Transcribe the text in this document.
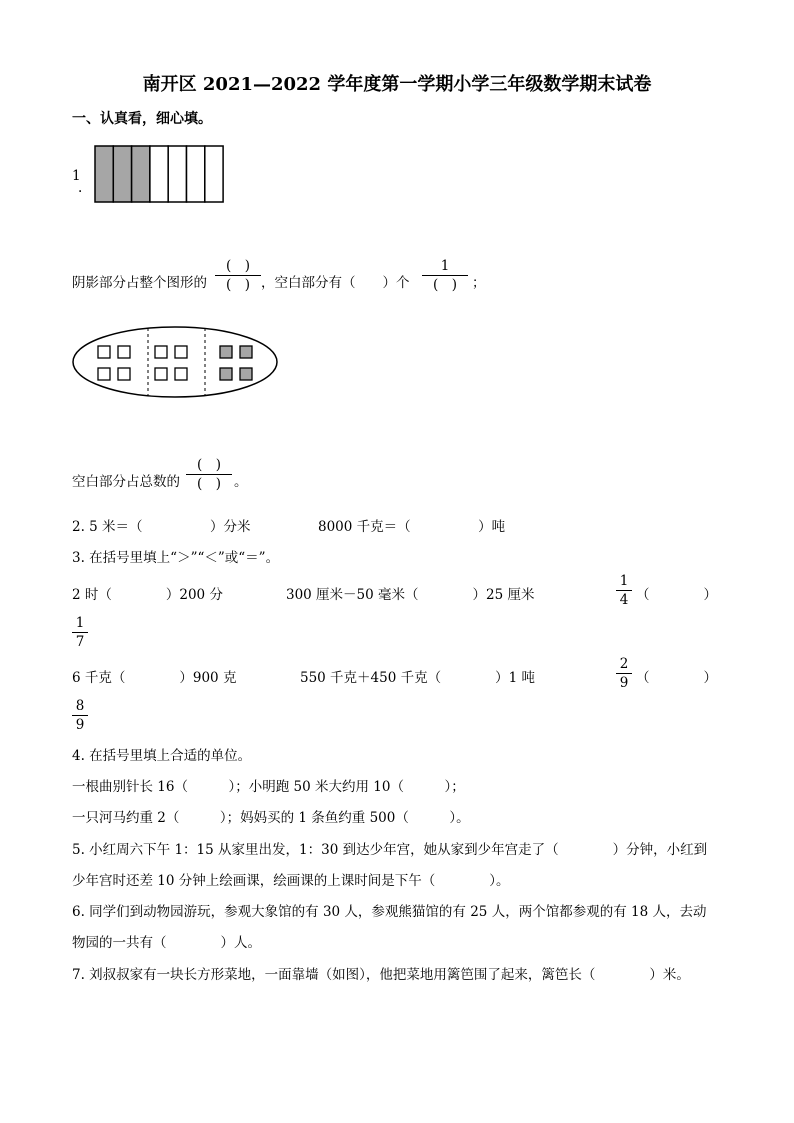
南开区 2021—2022 学年度第一学期小学三年级数学期末试卷
一、认真看，细心填。
1
.
阴影部分占整个图形的
(　)
(　) ，空白部分有（　　）个
1
(　)	；
空白部分占总数的
(　)
(　) 。
2. 5 米＝（　　　　　）分米	8000 千克＝（　　　　　）吨
3. 在括号里填上“＞”“＜”或“＝”。
2 时（　　　　）200 分	300 厘米－50 毫米（　　　　）25 厘米
1
4 （　　　　）
1
7
6 千克（　　　　）900 克	550 千克＋450 千克（　　　　）1 吨
2
9 （　　　　）
8
9
4. 在括号里填上合适的单位。
一根曲别针长 16（　　　）；小明跑 50 米大约用 10（　　　）；
一只河马约重 2（　　　）；妈妈买的 1 条鱼约重 500（　　　）。
5. 小红周六下午 1：15 从家里出发，1：30 到达少年宫，她从家到少年宫走了（　　　　）分钟，小红到
少年宫时还差 10 分钟上绘画课，绘画课的上课时间是下午（　　　　）。
6. 同学们到动物园游玩，参观大象馆的有 30 人，参观熊猫馆的有 25 人，两个馆都参观的有 18 人，去动
物园的一共有（　　　　）人。
7. 刘叔叔家有一块长方形菜地，一面靠墙（如图），他把菜地用篱笆围了起来，篱笆长（　　　　）米。
